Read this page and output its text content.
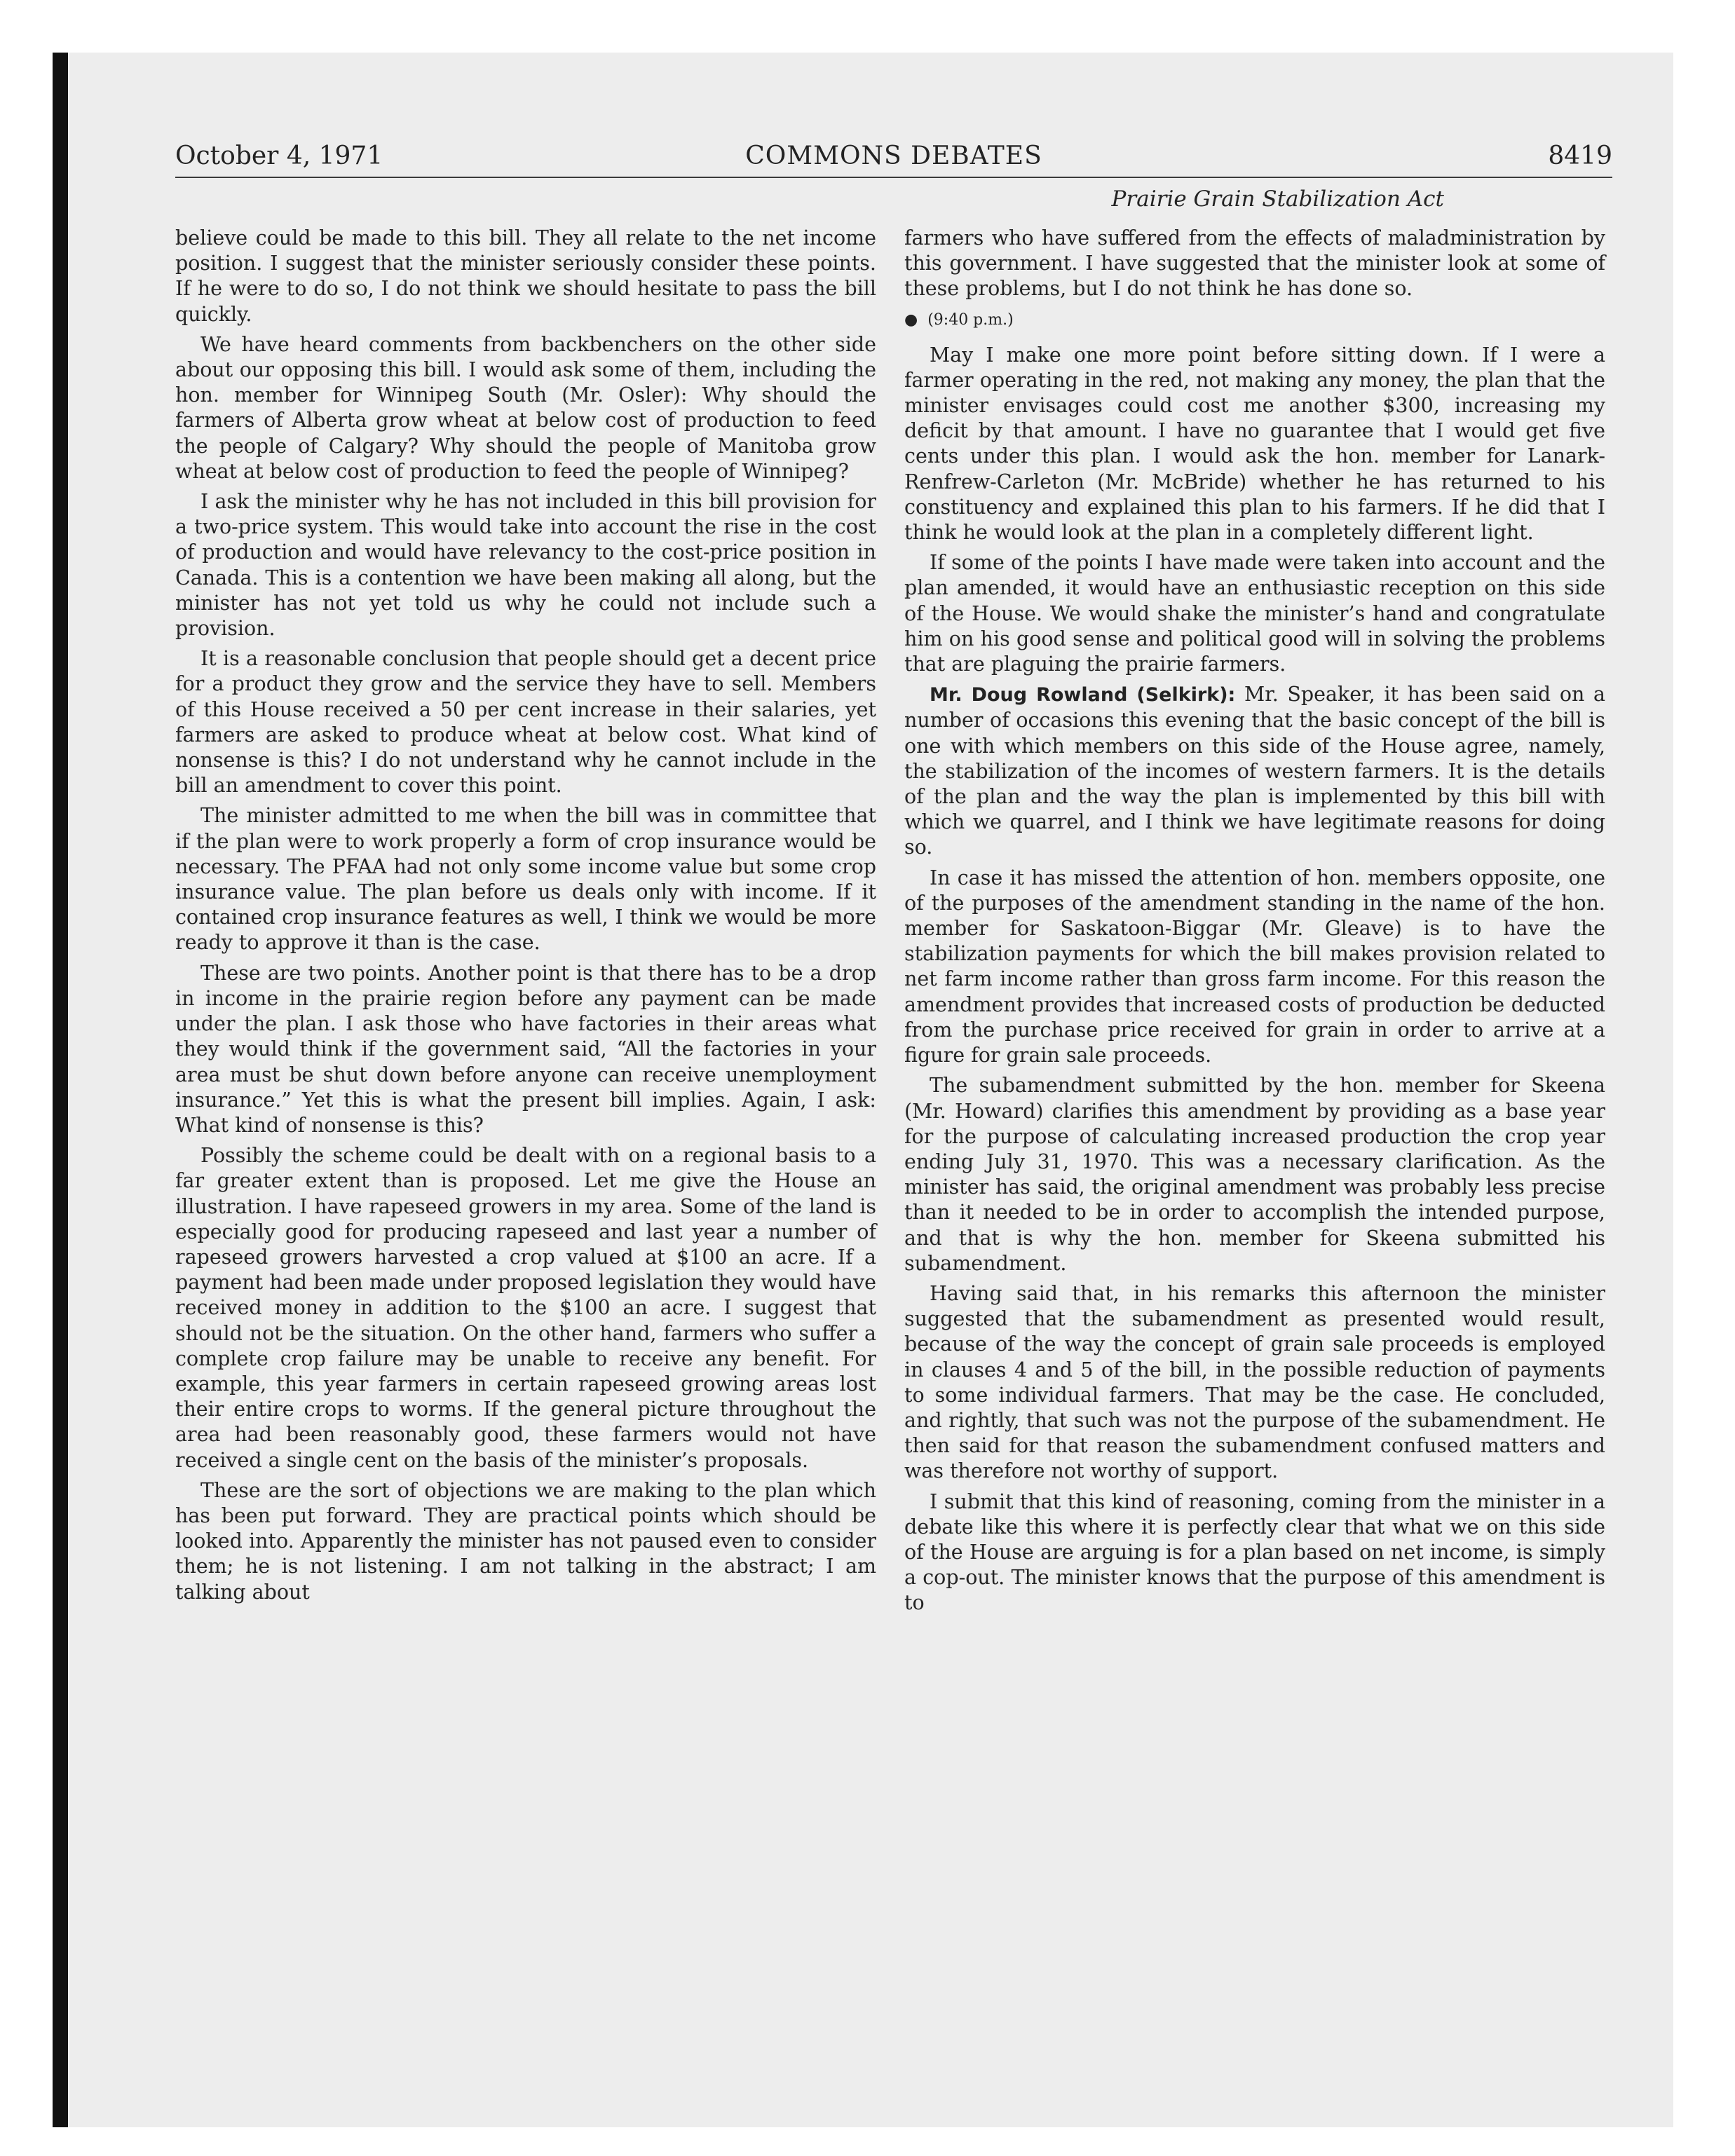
October 4, 1971	COMMONS DEBATES	8419
Prairie Grain Stabilization Act

believe could be made to this bill. They all relate to the net income position. I suggest that the minister seriously consider these points. If he were to do so, I do not think we should hesitate to pass the bill quickly.

We have heard comments from backbenchers on the other side about our opposing this bill. I would ask some of them, including the hon. member for Winnipeg South (Mr. Osler): Why should the farmers of Alberta grow wheat at below cost of production to feed the people of Calgary? Why should the people of Manitoba grow wheat at below cost of production to feed the people of Winnipeg?

I ask the minister why he has not included in this bill provision for a two-price system. This would take into account the rise in the cost of production and would have relevancy to the cost-price position in Canada. This is a contention we have been making all along, but the minister has not yet told us why he could not include such a provision.

It is a reasonable conclusion that people should get a decent price for a product they grow and the service they have to sell. Members of this House received a 50 per cent increase in their salaries, yet farmers are asked to produce wheat at below cost. What kind of nonsense is this? I do not understand why he cannot include in the bill an amendment to cover this point.

The minister admitted to me when the bill was in committee that if the plan were to work properly a form of crop insurance would be necessary. The PFAA had not only some income value but some crop insurance value. The plan before us deals only with income. If it contained crop insurance features as well, I think we would be more ready to approve it than is the case.

These are two points. Another point is that there has to be a drop in income in the prairie region before any payment can be made under the plan. I ask those who have factories in their areas what they would think if the government said, “All the factories in your area must be shut down before anyone can receive unemployment insurance.” Yet this is what the present bill implies. Again, I ask: What kind of nonsense is this?

Possibly the scheme could be dealt with on a regional basis to a far greater extent than is proposed. Let me give the House an illustration. I have rapeseed growers in my area. Some of the land is especially good for producing rapeseed and last year a number of rapeseed growers harvested a crop valued at $100 an acre. If a payment had been made under proposed legislation they would have received money in addition to the $100 an acre. I suggest that should not be the situation. On the other hand, farmers who suffer a complete crop failure may be unable to receive any benefit. For example, this year farmers in certain rapeseed growing areas lost their entire crops to worms. If the general picture throughout the area had been reasonably good, these farmers would not have received a single cent on the basis of the minister’s proposals.

These are the sort of objections we are making to the plan which has been put forward. They are practical points which should be looked into. Apparently the minister has not paused even to consider them; he is not listening. I am not talking in the abstract; I am talking about

farmers who have suffered from the effects of maladministration by this government. I have suggested that the minister look at some of these problems, but I do not think he has done so.

● (9:40 p.m.)

May I make one more point before sitting down. If I were a farmer operating in the red, not making any money, the plan that the minister envisages could cost me another $300, increasing my deficit by that amount. I have no guarantee that I would get five cents under this plan. I would ask the hon. member for Lanark-Renfrew-Carleton (Mr. McBride) whether he has returned to his constituency and explained this plan to his farmers. If he did that I think he would look at the plan in a completely different light.

If some of the points I have made were taken into account and the plan amended, it would have an enthusiastic reception on this side of the House. We would shake the minister’s hand and congratulate him on his good sense and political good will in solving the problems that are plaguing the prairie farmers.

Mr. Doug Rowland (Selkirk): Mr. Speaker, it has been said on a number of occasions this evening that the basic concept of the bill is one with which members on this side of the House agree, namely, the stabilization of the incomes of western farmers. It is the details of the plan and the way the plan is implemented by this bill with which we quarrel, and I think we have legitimate reasons for doing so.

In case it has missed the attention of hon. members opposite, one of the purposes of the amendment standing in the name of the hon. member for Saskatoon-Biggar (Mr. Gleave) is to have the stabilization payments for which the bill makes provision related to net farm income rather than gross farm income. For this reason the amendment provides that increased costs of production be deducted from the purchase price received for grain in order to arrive at a figure for grain sale proceeds.

The subamendment submitted by the hon. member for Skeena (Mr. Howard) clarifies this amendment by providing as a base year for the purpose of calculating increased production the crop year ending July 31, 1970. This was a necessary clarification. As the minister has said, the original amendment was probably less precise than it needed to be in order to accomplish the intended purpose, and that is why the hon. member for Skeena submitted his subamendment.

Having said that, in his remarks this afternoon the minister suggested that the subamendment as presented would result, because of the way the concept of grain sale proceeds is employed in clauses 4 and 5 of the bill, in the possible reduction of payments to some individual farmers. That may be the case. He concluded, and rightly, that such was not the purpose of the subamendment. He then said for that reason the subamendment confused matters and was therefore not worthy of support.

I submit that this kind of reasoning, coming from the minister in a debate like this where it is perfectly clear that what we on this side of the House are arguing is for a plan based on net income, is simply a cop-out. The minister knows that the purpose of this amendment is to
